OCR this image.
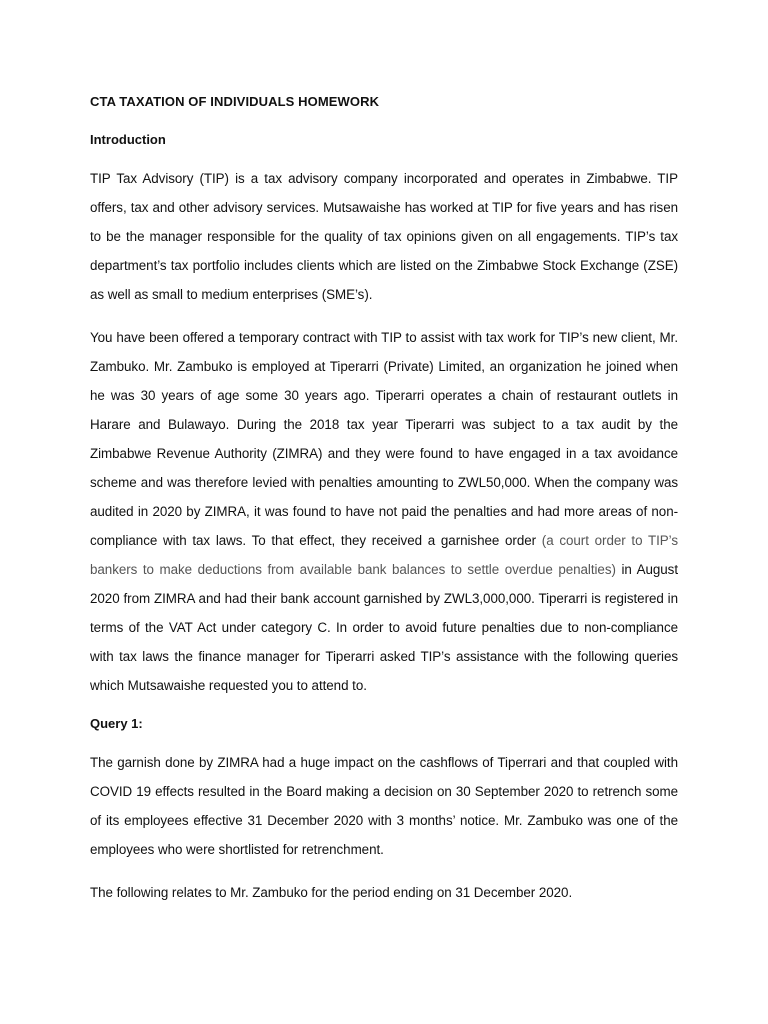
CTA TAXATION OF INDIVIDUALS HOMEWORK
Introduction

TIP Tax Advisory (TIP) is a tax advisory company incorporated and operates in Zimbabwe. TIP offers, tax and other advisory services. Mutsawaishe has worked at TIP for five years and has risen to be the manager responsible for the quality of tax opinions given on all engagements. TIP’s tax department’s tax portfolio includes clients which are listed on the Zimbabwe Stock Exchange (ZSE) as well as small to medium enterprises (SME’s).

You have been offered a temporary contract with TIP to assist with tax work for TIP’s new client, Mr. Zambuko. Mr. Zambuko is employed at Tiperarri (Private) Limited, an organization he joined when he was 30 years of age some 30 years ago. Tiperarri operates a chain of restaurant outlets in Harare and Bulawayo. During the 2018 tax year Tiperarri was subject to a tax audit by the Zimbabwe Revenue Authority (ZIMRA) and they were found to have engaged in a tax avoidance scheme and was therefore levied with penalties amounting to ZWL50,000. When the company was audited in 2020 by ZIMRA, it was found to have not paid the penalties and had more areas of non-compliance with tax laws. To that effect, they received a garnishee order (a court order to TIP’s bankers to make deductions from available bank balances to settle overdue penalties) in August 2020 from ZIMRA and had their bank account garnished by ZWL3,000,000. Tiperarri is registered in terms of the VAT Act under category C. In order to avoid future penalties due to non-compliance with tax laws the finance manager for Tiperarri asked TIP’s assistance with the following queries which Mutsawaishe requested you to attend to.

Query 1:

The garnish done by ZIMRA had a huge impact on the cashflows of Tiperrari and that coupled with COVID 19 effects resulted in the Board making a decision on 30 September 2020 to retrench some of its employees effective 31 December 2020 with 3 months’ notice. Mr. Zambuko was one of the employees who were shortlisted for retrenchment.

The following relates to Mr. Zambuko for the period ending on 31 December 2020.
